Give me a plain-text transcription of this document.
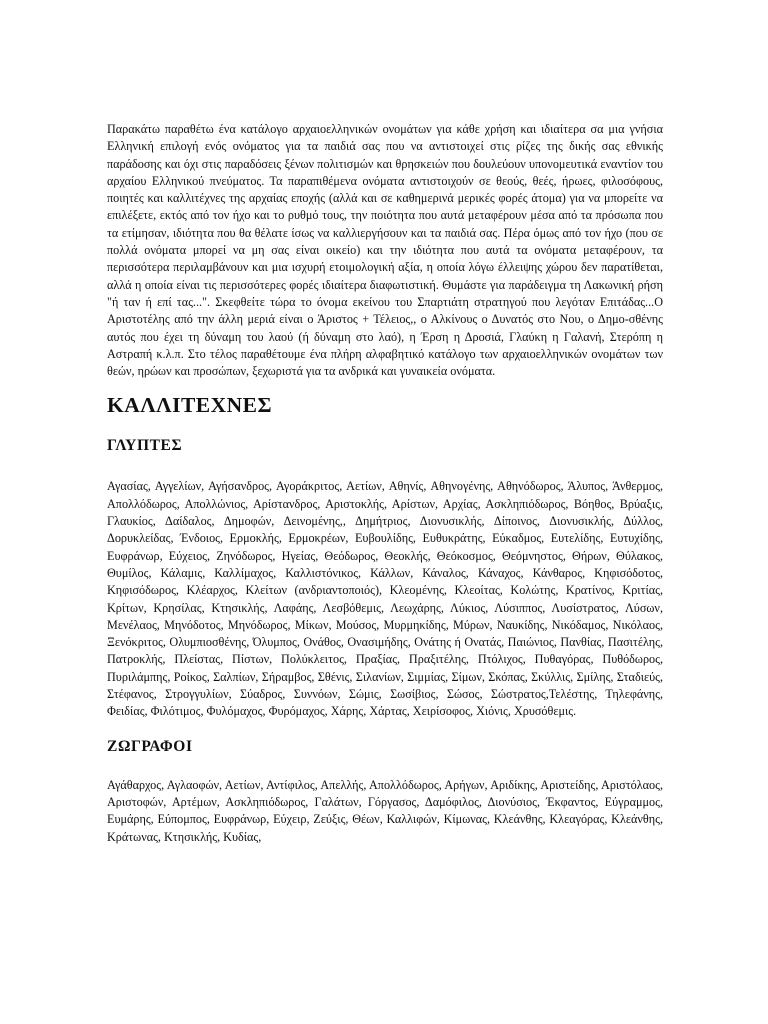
Παρακάτω παραθέτω ένα κατάλογο αρχαιοελληνικών ονομάτων για κάθε χρήση και ιδιαίτερα σα μια γνήσια Ελληνική επιλογή ενός ονόματος για τα παιδιά σας που να αντιστοιχεί στις ρίζες της δικής σας εθνικής παράδοσης και όχι στις παραδόσεις ξένων πολιτισμών και θρησκειών που δουλεύουν υπονομευτικά εναντίον του αρχαίου Ελληνικού πνεύματος. Τα παραπιθέμενα ονόματα αντιστοιχούν σε θεούς, θεές, ήρωες, φιλοσόφους, ποιητές και καλλιτέχνες της αρχαίας εποχής (αλλά και σε καθημερινά μερικές φορές άτομα) για να μπορείτε να επιλέξετε, εκτός από τον ήχο και το ρυθμό τους, την ποιότητα που αυτά μεταφέρουν μέσα από τα πρόσωπα που τα ετίμησαν, ιδιότητα που θα θέλατε ίσως να καλλιεργήσουν και τα παιδιά σας. Πέρα όμως από τον ήχο (που σε πολλά ονόματα μπορεί να μη σας είναι οικείο) και την ιδιότητα που αυτά τα ονόματα μεταφέρουν, τα περισσότερα περιλαμβάνουν και μια ισχυρή ετοιμολογική αξία, η οποία λόγω έλλειψης χώρου δεν παρατίθεται, αλλά η οποία είναι τις περισσότερες φορές ιδιαίτερα διαφωτιστική. Θυμάστε για παράδειγμα τη Λακωνική ρήση "ή ταν ή επί τας...". Σκεφθείτε τώρα το όνομα εκείνου του Σπαρτιάτη στρατηγού που λεγόταν Επιτάδας...Ο Αριστοτέλης από την άλλη μεριά είναι ο Άριστος + Τέλειος,, ο Αλκίνους ο Δυνατός στο Νου, ο Δημο-σθένης αυτός που έχει τη δύναμη του λαού (ή δύναμη στο λαό), η Έρση η Δροσιά, Γλαύκη η Γαλανή, Στερόπη η Αστραπή κ.λ.π. Στο τέλος παραθέτουμε ένα πλήρη αλφαβητικό κατάλογο των αρχαιοελληνικών ονομάτων των θεών, ηρώων και προσώπων, ξεχωριστά για τα ανδρικά και γυναικεία ονόματα.

ΚΑΛΛΙΤΕΧΝΕΣ
ΓΛΥΠΤΕΣ

Αγασίας, Αγγελίων, Αγήσανδρος, Αγοράκριτος, Αετίων, Αθηνίς, Αθηνογένης, Αθηνόδωρος, Άλυπος, Άνθερμος, Απολλόδωρος, Απολλώνιος, Αρίστανδρος, Αριστοκλής, Αρίστων, Αρχίας, Ασκληπιόδωρος, Βόηθος, Βρύαξις, Γλαυκίος, Δαίδαλος, Δημοφών, Δεινομένης,, Δημήτριος, Διονυσικλής, Δίποινος, Διονυσικλής, Δύλλος, Δορυκλείδας, Ένδοιος, Ερμοκλής, Ερμοκρέων, Ευβουλίδης, Ευθυκράτης, Εύκαδμος, Ευτελίδης, Ευτυχίδης, Ευφράνωρ, Εύχειος, Ζηνόδωρος, Ηγείας, Θεόδωρος, Θεοκλής, Θεόκοσμος, Θεόμνηστος, Θήρων, Θύλακος, Θυμίλος, Κάλαμις, Καλλίμαχος, Καλλιστόνικος, Κάλλων, Κάναλος, Κάναχος, Κάνθαρος, Κηφισόδοτος, Κηφισόδωρος, Κλέαρχος, Κλείτων (ανδριαντοποιός), Κλεομένης, Κλεοίτας, Κολώτης, Κρατίνος, Κριτίας, Κρίτων, Κρησίλας, Κτησικλής, Λαφάης, Λεσβόθεμις, Λεωχάρης, Λύκιος, Λύσιππος, Λυσίστρατος, Λύσων, Μενέλαος, Μηνόδοτος, Μηνόδωρος, Μίκων, Μούσος, Μυρμηκίδης, Μύρων, Ναυκίδης, Νικόδαμος, Νικόλαος, Ξενόκριτος, Ολυμπιοσθένης, Όλυμπος, Ονάθος, Ονασιμήδης, Ονάτης ή Ονατάς, Παιώνιος, Πανθίας, Πασιτέλης, Πατροκλής, Πλείστας, Πίστων, Πολύκλειτος, Πραξίας, Πραξιτέλης, Πτόλιχος, Πυθαγόρας, Πυθόδωρος, Πυριλάμπης, Ροίκος, Σαλπίων, Σήραμβος, Σθένις, Σιλανίων, Σιμμίας, Σίμων, Σκόπας, Σκύλλις, Σμίλης, Σταδιεύς, Στέφανος, Στρογγυλίων, Σύαδρος, Συννόων, Σώμις, Σωσίβιος, Σώσος, Σώστρατος,Τελέστης, Τηλεφάνης, Φειδίας, Φιλότιμος, Φυλόμαχος, Φυρόμαχος, Χάρης, Χάρτας, Χειρίσοφος, Χιόνις, Χρυσόθεμις.

ΖΩΓΡΑΦΟΙ

Αγάθαρχος, Αγλαοφών, Αετίων, Αντίφιλος, Απελλής, Απολλόδωρος, Αρήγων, Αριδίκης, Αριστείδης, Αριστόλαος, Αριστοφών, Αρτέμων, Ασκληπιόδωρος, Γαλάτων, Γόργασος, Δαμόφιλος, Διονύσιος, Έκφαντος, Εύγραμμος, Ευμάρης, Εύπομπος, Ευφράνωρ, Εύχειρ, Ζεύξις, Θέων, Καλλιφών, Κίμωνας, Κλεάνθης, Κλεαγόρας, Κλεάνθης, Κράτωνας, Κτησικλής, Κυδίας,
